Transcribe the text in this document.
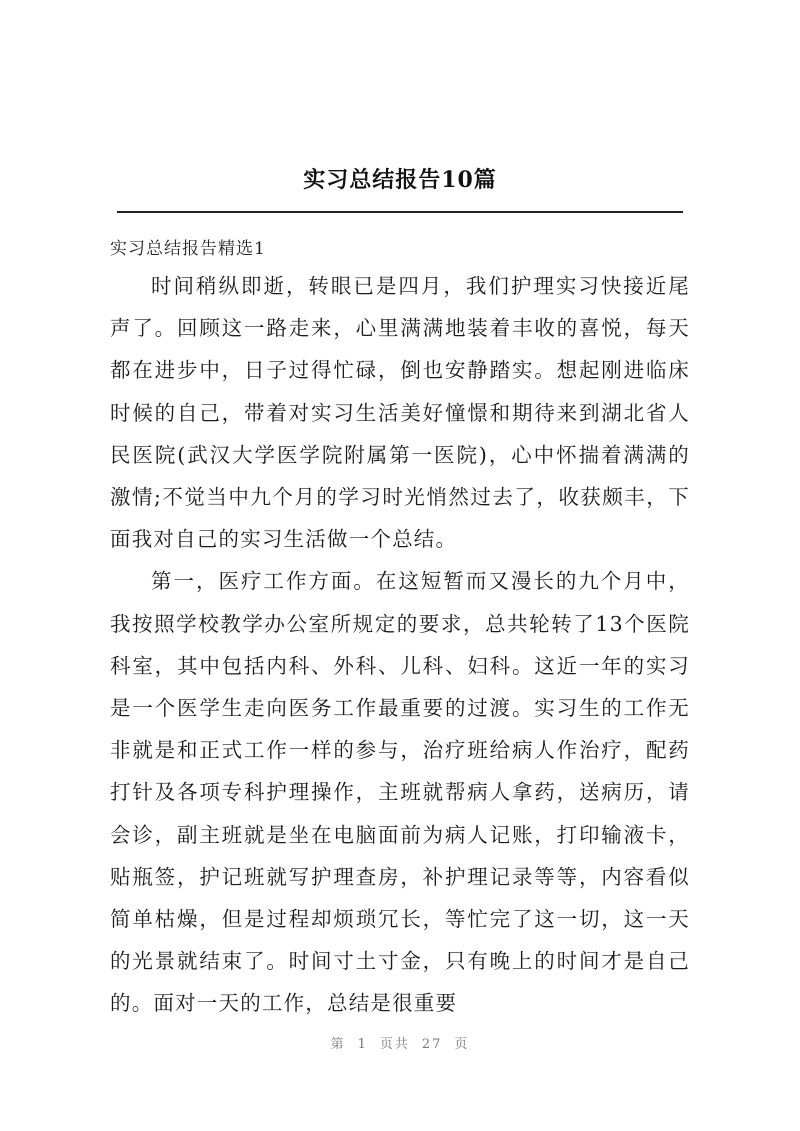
实习总结报告10篇
实习总结报告精选1

时间稍纵即逝，转眼已是四月，我们护理实习快接近尾声了。回顾这一路走来，心里满满地装着丰收的喜悦，每天都在进步中，日子过得忙碌，倒也安静踏实。想起刚进临床时候的自己，带着对实习生活美好憧憬和期待来到湖北省人民医院(武汉大学医学院附属第一医院)，心中怀揣着满满的激情;不觉当中九个月的学习时光悄然过去了，收获颇丰，下面我对自己的实习生活做一个总结。

第一，医疗工作方面。在这短暂而又漫长的九个月中，我按照学校教学办公室所规定的要求，总共轮转了13个医院科室，其中包括内科、外科、儿科、妇科。这近一年的实习是一个医学生走向医务工作最重要的过渡。实习生的工作无非就是和正式工作一样的参与，治疗班给病人作治疗，配药打针及各项专科护理操作，主班就帮病人拿药，送病历，请会诊，副主班就是坐在电脑面前为病人记账，打印输液卡，贴瓶签，护记班就写护理查房，补护理记录等等，内容看似简单枯燥，但是过程却烦琐冗长，等忙完了这一切，这一天的光景就结束了。时间寸土寸金，只有晚上的时间才是自己的。面对一天的工作，总结是很重要

第 1 页共 27 页
